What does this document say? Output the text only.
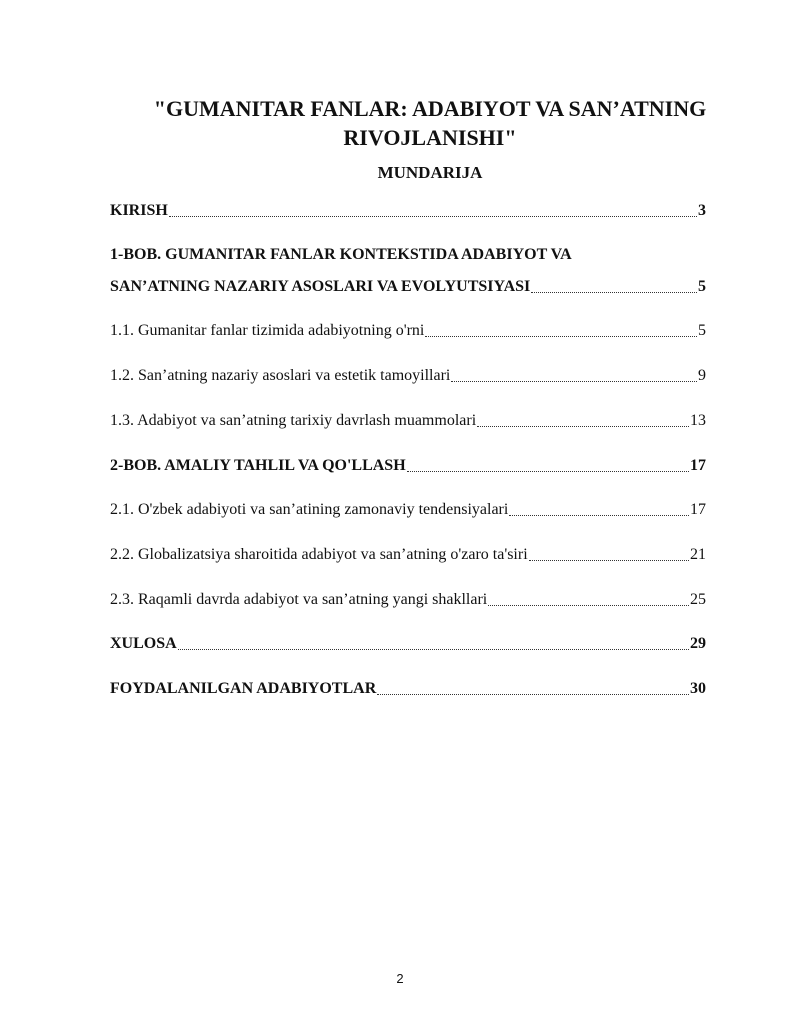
"GUMANITAR FANLAR: ADABIYOT VA SAN’ATNING
RIVOJLANISHI"
MUNDARIJA
KIRISH	3
1-BOB. GUMANITAR FANLAR KONTEKSTIDA ADABIYOT VA
SAN’ATNING NAZARIY ASOSLARI VA EVOLYUTSIYASI	5
1.1. Gumanitar fanlar tizimida adabiyotning o'rni	5
1.2. San’atning nazariy asoslari va estetik tamoyillari	9
1.3. Adabiyot va san’atning tarixiy davrlash muammolari	13
2-BOB. AMALIY TAHLIL VA QO'LLASH	17
2.1. O'zbek adabiyoti va san’atining zamonaviy tendensiyalari	17
2.2. Globalizatsiya sharoitida adabiyot va san’atning o'zaro ta'siri	21
2.3. Raqamli davrda adabiyot va san’atning yangi shakllari	25
XULOSA	29
FOYDALANILGAN ADABIYOTLAR	30
2
